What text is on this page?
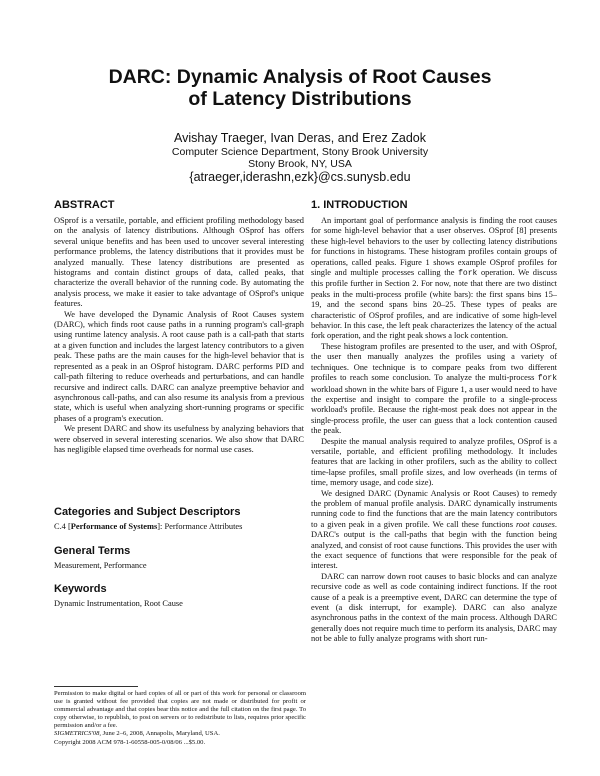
DARC: Dynamic Analysis of Root Causes
of Latency Distributions
Avishay Traeger, Ivan Deras, and Erez Zadok
Computer Science Department, Stony Brook University
Stony Brook, NY, USA
{atraeger,iderashn,ezk}@cs.sunysb.edu
ABSTRACT

OSprof is a versatile, portable, and efficient profiling methodology based on the analysis of latency distributions. Although OSprof has offers several unique benefits and has been used to uncover several interesting performance problems, the latency distributions that it provides must be analyzed manually. These latency distributions are presented as histograms and contain distinct groups of data, called peaks, that characterize the overall behavior of the running code. By automating the analysis process, we make it easier to take advantage of OSprof's unique features.

We have developed the Dynamic Analysis of Root Causes system (DARC), which finds root cause paths in a running program's call-graph using runtime latency analysis. A root cause path is a call-path that starts at a given function and includes the largest latency contributors to a given peak. These paths are the main causes for the high-level behavior that is represented as a peak in an OSprof histogram. DARC performs PID and call-path filtering to reduce overheads and perturbations, and can handle recursive and indirect calls. DARC can analyze preemptive behavior and asynchronous call-paths, and can also resume its analysis from a previous state, which is useful when analyzing short-running programs or specific phases of a program's execution.

We present DARC and show its usefulness by analyzing behaviors that were observed in several interesting scenarios. We also show that DARC has negligible elapsed time overheads for normal use cases.

Categories and Subject Descriptors

C.4 [Performance of Systems]: Performance Attributes

General Terms

Measurement, Performance

Keywords

Dynamic Instrumentation, Root Cause

Permission to make digital or hard copies of all or part of this work for personal or classroom use is granted without fee provided that copies are not made or distributed for profit or commercial advantage and that copies bear this notice and the full citation on the first page. To copy otherwise, to republish, to post on servers or to redistribute to lists, requires prior specific permission and/or a fee.

SIGMETRICS'08, June 2–6, 2008, Annapolis, Maryland, USA.

Copyright 2008 ACM 978-1-60558-005-0/08/06 ...$5.00.

1. INTRODUCTION

An important goal of performance analysis is finding the root causes for some high-level behavior that a user observes. OSprof [8] presents these high-level behaviors to the user by collecting latency distributions for functions in histograms. These histogram profiles contain groups of operations, called peaks. Figure 1 shows example OSprof profiles for single and multiple processes calling the fork operation. We discuss this profile further in Section 2. For now, note that there are two distinct peaks in the multi-process profile (white bars): the first spans bins 15–19, and the second spans bins 20–25. These types of peaks are characteristic of OSprof profiles, and are indicative of some high-level behavior. In this case, the left peak characterizes the latency of the actual fork operation, and the right peak shows a lock contention.

These histogram profiles are presented to the user, and with OSprof, the user then manually analyzes the profiles using a variety of techniques. One technique is to compare peaks from two different profiles to reach some conclusion. To analyze the multi-process fork workload shown in the white bars of Figure 1, a user would need to have the expertise and insight to compare the profile to a single-process workload's profile. Because the right-most peak does not appear in the single-process profile, the user can guess that a lock contention caused the peak.

Despite the manual analysis required to analyze profiles, OSprof is a versatile, portable, and efficient profiling methodology. It includes features that are lacking in other profilers, such as the ability to collect time-lapse profiles, small profile sizes, and low overheads (in terms of time, memory usage, and code size).

We designed DARC (Dynamic Analysis or Root Causes) to remedy the problem of manual profile analysis. DARC dynamically instruments running code to find the functions that are the main latency contributors to a given peak in a given profile. We call these functions root causes. DARC's output is the call-paths that begin with the function being analyzed, and consist of root cause functions. This provides the user with the exact sequence of functions that were responsible for the peak of interest.

DARC can narrow down root causes to basic blocks and can analyze recursive code as well as code containing indirect functions. If the root cause of a peak is a preemptive event, DARC can determine the type of event (a disk interrupt, for example). DARC can also analyze asynchronous paths in the context of the main process. Although DARC generally does not require much time to perform its analysis, DARC may not be able to fully analyze programs with short run-
